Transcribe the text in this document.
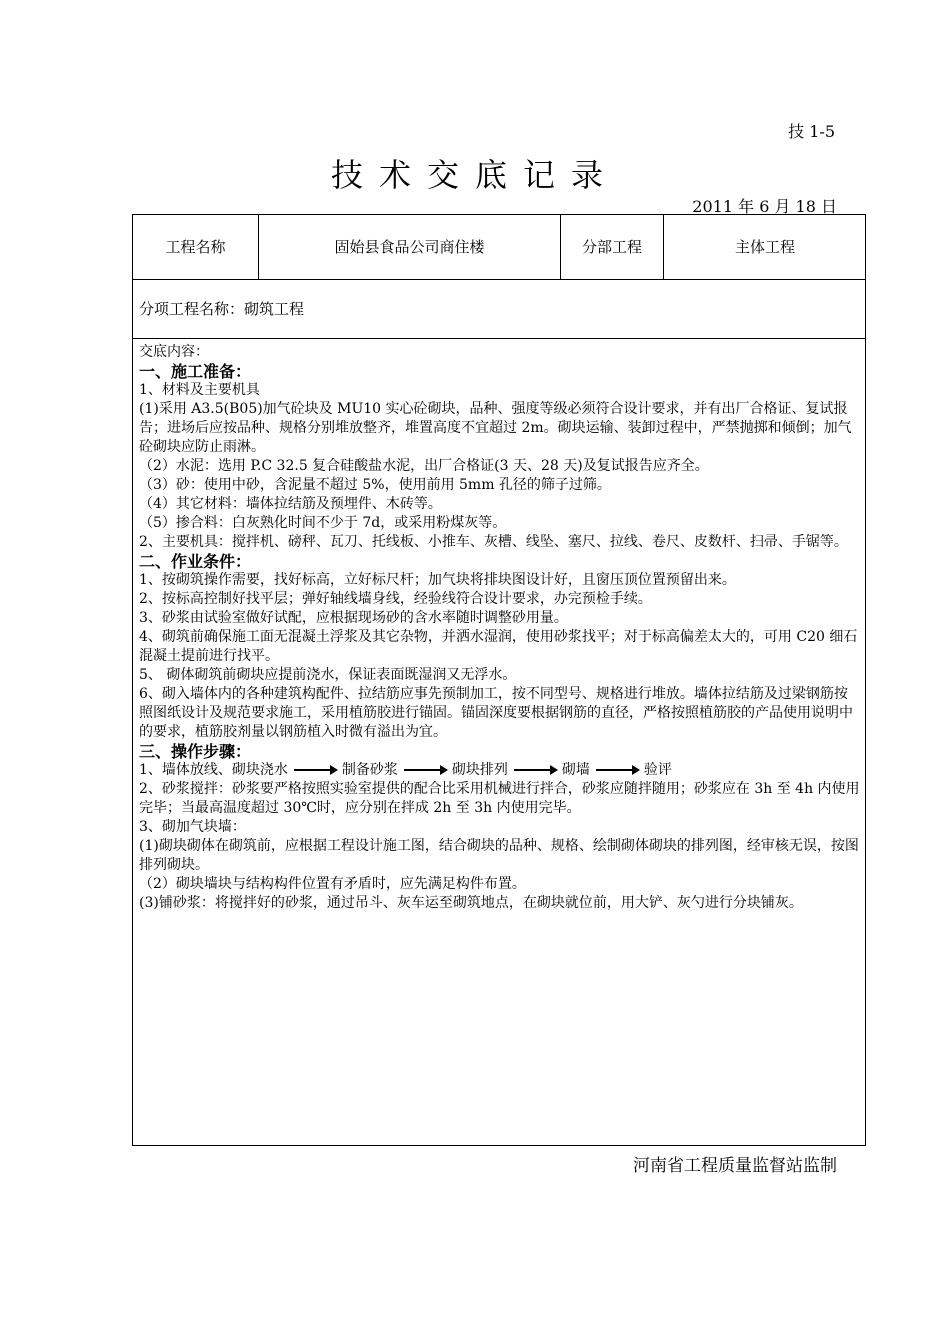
技 1-5
技术交底记录
2011 年 6 月 18 日
工程名称	固始县食品公司商住楼	分部工程	主体工程
分项工程名称：砌筑工程

交底内容：

一、施工准备：

1、材料及主要机具

(1)采用 A3.5(B05)加气砼块及 MU10 实心砼砌块，品种、强度等级必须符合设计要求，并有出厂合格证、复试报告；进场后应按品种、规格分别堆放整齐，堆置高度不宜超过 2m。砌块运输、装卸过程中，严禁抛掷和倾倒；加气砼砌块应防止雨淋。

（2）水泥：选用 P.C 32.5 复合硅酸盐水泥，出厂合格证(3 天、28 天)及复试报告应齐全。

（3）砂：使用中砂，含泥量不超过 5%，使用前用 5mm 孔径的筛子过筛。

（4）其它材料：墙体拉结筋及预埋件、木砖等。

（5）掺合料：白灰熟化时间不少于 7d，或采用粉煤灰等。

2、主要机具：搅拌机、磅秤、瓦刀、托线板、小推车、灰槽、线坠、塞尺、拉线、卷尺、皮数杆、扫帚、手锯等。

二、作业条件：

1、按砌筑操作需要，找好标高，立好标尺杆；加气块将排块图设计好，且窗压顶位置预留出来。

2、按标高控制好找平层；弹好轴线墙身线，经验线符合设计要求，办完预检手续。

3、砂浆由试验室做好试配，应根据现场砂的含水率随时调整砂用量。

4、砌筑前确保施工面无混凝土浮浆及其它杂物，并洒水湿润，使用砂浆找平；对于标高偏差太大的，可用 C20 细石混凝土提前进行找平。

5、 砌体砌筑前砌块应提前浇水，保证表面既湿润又无浮水。

6、砌入墙体内的各种建筑构配件、拉结筋应事先预制加工，按不同型号、规格进行堆放。墙体拉结筋及过梁钢筋按照图纸设计及规范要求施工，采用植筋胶进行锚固。锚固深度要根据钢筋的直径，严格按照植筋胶的产品使用说明中的要求，植筋胶剂量以钢筋植入时微有溢出为宜。

三、操作步骤：

1、墙体放线、砌块浇水	制备砂浆	砌块排列	砌墙	验评

2、砂浆搅拌：砂浆要严格按照实验室提供的配合比采用机械进行拌合，砂浆应随拌随用；砂浆应在 3h 至 4h 内使用完毕；当最高温度超过 30℃时，应分别在拌成 2h 至 3h 内使用完毕。

3、砌加气块墙：

(1)砌块砌体在砌筑前，应根据工程设计施工图，结合砌块的品种、规格、绘制砌体砌块的排列图，经审核无误，按图排列砌块。

（2）砌块墙块与结构构件位置有矛盾时，应先满足构件布置。

(3)铺砂浆：将搅拌好的砂浆，通过吊斗、灰车运至砌筑地点，在砌块就位前，用大铲、灰勺进行分块铺灰。

河南省工程质量监督站监制
